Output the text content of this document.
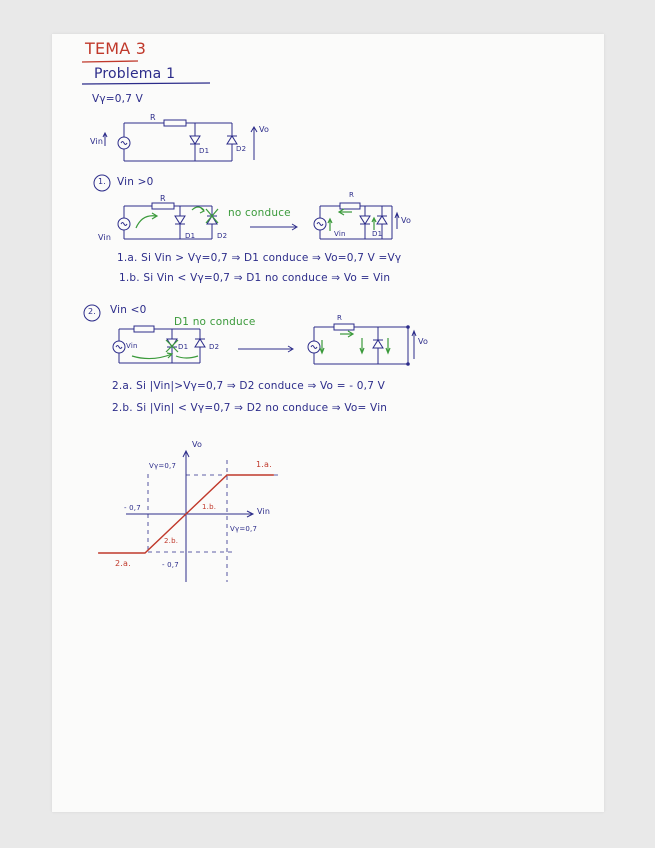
TEMA 3
Problema 1
Vγ=0,7 V
Vin
R
D1	D2
Vo
1. Vin >0
R
Vin	D1	D2
no conduce
R
Vin
Vo
D1
1.a. Si Vin > Vγ=0,7 ⇒ D1 conduce ⇒ Vo=0,7 V =Vγ
1.b. Si Vin < Vγ=0,7 ⇒ D1 no conduce ⇒ Vo = Vin
2. Vin <0
D1 no conduce
Vin	D1	D2
R
Vo
2.a. Si |Vin|>Vγ=0,7 ⇒ D2 conduce ⇒ Vo = - 0,7 V
2.b. Si |Vin| < Vγ=0,7 ⇒ D2 no conduce ⇒ Vo= Vin
Vo
Vin
Vγ=0,7
- 0,7
Vγ=0,7
- 0,7
1.a.
1.b.
2.a.
2.b.
